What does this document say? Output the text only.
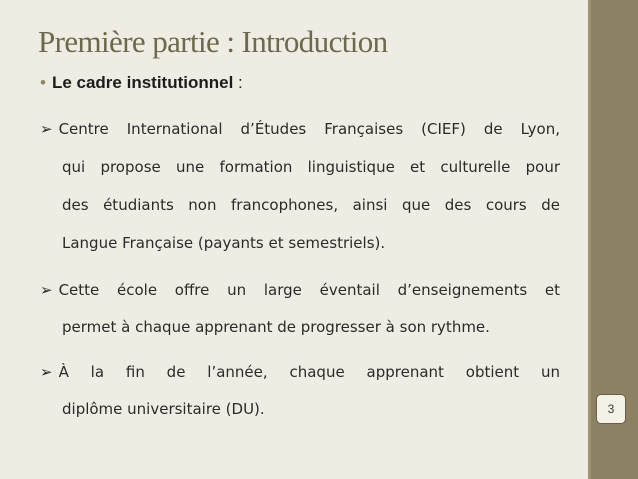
3
Première partie : Introduction
• Le cadre institutionnel :
➢ Centre International d’Études Françaises (CIEF) de Lyon,
qui propose une formation linguistique et culturelle pour
des étudiants non francophones, ainsi que des cours de
Langue Française (payants et semestriels).
➢ Cette école offre un large éventail d’enseignements et
permet à chaque apprenant de progresser à son rythme.
➢ À la fin de l’année, chaque apprenant obtient un
diplôme universitaire (DU).
